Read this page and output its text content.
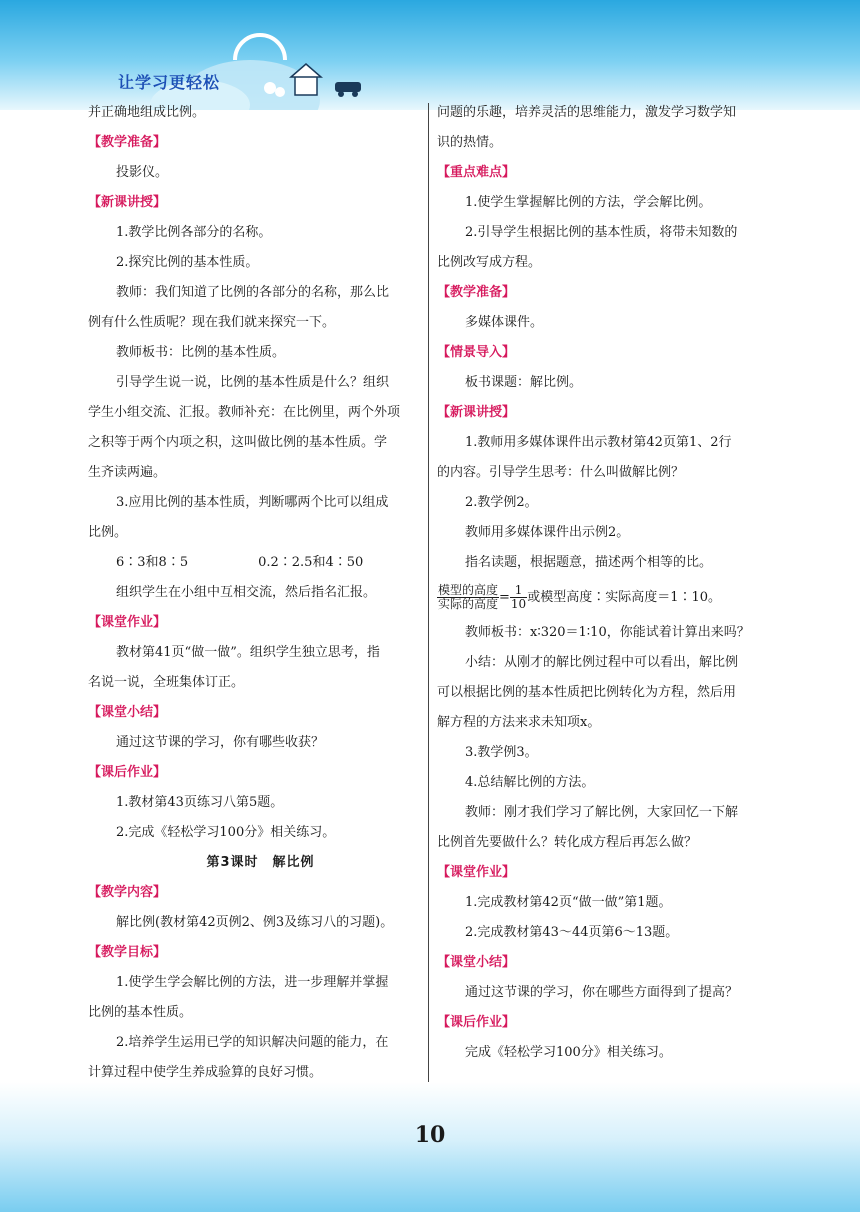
让学习更轻松
并正确地组成比例。
【教学准备】
投影仪。
【新课讲授】
1.教学比例各部分的名称。
2.探究比例的基本性质。
教师：我们知道了比例的各部分的名称，那么比
例有什么性质呢？现在我们就来探究一下。
教师板书：比例的基本性质。
引导学生说一说，比例的基本性质是什么？组织
学生小组交流、汇报。教师补充：在比例里，两个外项
之积等于两个内项之积，这叫做比例的基本性质。学
生齐读两遍。
3.应用比例的基本性质，判断哪两个比可以组成
比例。
6∶3和8∶5	0.2∶2.5和4∶50
组织学生在小组中互相交流，然后指名汇报。
【课堂作业】
教材第41页“做一做”。组织学生独立思考，指
名说一说，全班集体订正。
【课堂小结】
通过这节课的学习，你有哪些收获？
【课后作业】
1.教材第43页练习八第5题。
2.完成《轻松学习100分》相关练习。
第3课时　解比例
【教学内容】
解比例(教材第42页例2、例3及练习八的习题)。
【教学目标】
1.使学生学会解比例的方法，进一步理解并掌握
比例的基本性质。
2.培养学生运用已学的知识解决问题的能力，在
计算过程中使学生养成验算的良好习惯。
问题的乐趣，培养灵活的思维能力，激发学习数学知
识的热情。
【重点难点】
1.使学生掌握解比例的方法，学会解比例。
2.引导学生根据比例的基本性质，将带未知数的
比例改写成方程。
【教学准备】
多媒体课件。
【情景导入】
板书课题：解比例。
【新课讲授】
1.教师用多媒体课件出示教材第42页第1、2行
的内容。引导学生思考：什么叫做解比例？
2.教学例2。
教师用多媒体课件出示例2。
指名读题，根据题意，描述两个相等的比。
$\frac{\text{模型的高度}}{\text{实际的高度}} = \frac{1}{10}$ 或模型高度∶实际高度＝1∶10。
教师板书：x∶320＝1∶10，你能试着计算出来吗？
小结：从刚才的解比例过程中可以看出，解比例
可以根据比例的基本性质把比例转化为方程，然后用
解方程的方法来求未知项x。
3.教学例3。
4.总结解比例的方法。
教师：刚才我们学习了解比例，大家回忆一下解
比例首先要做什么？转化成方程后再怎么做？
【课堂作业】
1.完成教材第42页“做一做”第1题。
2.完成教材第43～44页第6～13题。
【课堂小结】
通过这节课的学习，你在哪些方面得到了提高？
【课后作业】
完成《轻松学习100分》相关练习。
10
